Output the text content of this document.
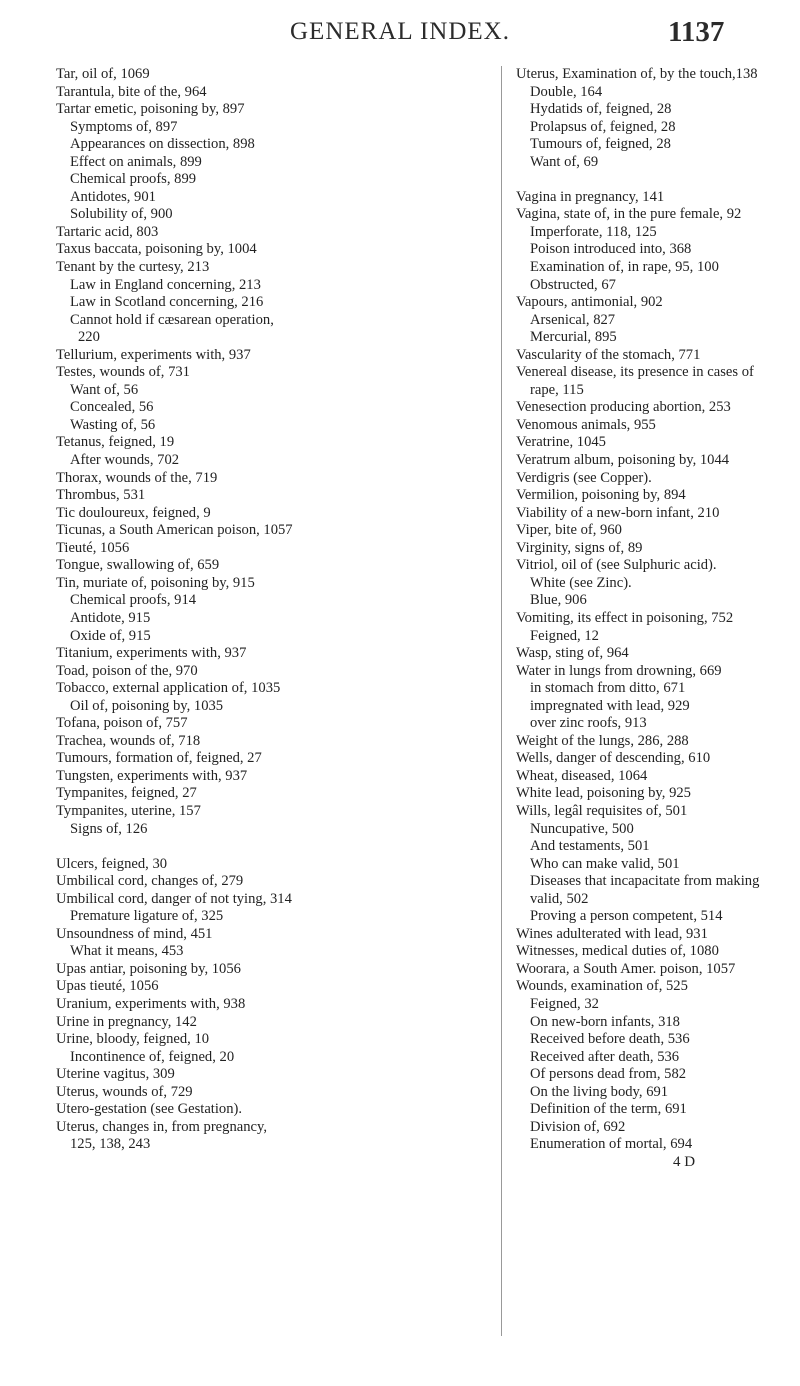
GENERAL INDEX.	1137
Tar, oil of, 1069
Tarantula, bite of the, 964
Tartar emetic, poisoning by, 897
Symptoms of, 897
Appearances on dissection, 898
Effect on animals, 899
Chemical proofs, 899
Antidotes, 901
Solubility of, 900
Tartaric acid, 803
Taxus baccata, poisoning by, 1004
Tenant by the curtesy, 213
Law in England concerning, 213
Law in Scotland concerning, 216
Cannot hold if cæsarean operation,
220
Tellurium, experiments with, 937
Testes, wounds of, 731
Want of, 56
Concealed, 56
Wasting of, 56
Tetanus, feigned, 19
After wounds, 702
Thorax, wounds of the, 719
Thrombus, 531
Tic douloureux, feigned, 9
Ticunas, a South American poison, 1057
Tieuté, 1056
Tongue, swallowing of, 659
Tin, muriate of, poisoning by, 915
Chemical proofs, 914
Antidote, 915
Oxide of, 915
Titanium, experiments with, 937
Toad, poison of the, 970
Tobacco, external application of, 1035
Oil of, poisoning by, 1035
Tofana, poison of, 757
Trachea, wounds of, 718
Tumours, formation of, feigned, 27
Tungsten, experiments with, 937
Tympanites, feigned, 27
Tympanites, uterine, 157
Signs of, 126
Ulcers, feigned, 30
Umbilical cord, changes of, 279
Umbilical cord, danger of not tying, 314
Premature ligature of, 325
Unsoundness of mind, 451
What it means, 453
Upas antiar, poisoning by, 1056
Upas tieuté, 1056
Uranium, experiments with, 938
Urine in pregnancy, 142
Urine, bloody, feigned, 10
Incontinence of, feigned, 20
Uterine vagitus, 309
Uterus, wounds of, 729
Utero-gestation (see Gestation).
Uterus, changes in, from pregnancy,
125, 138, 243
Uterus, Examination of, by the touch,138
Double, 164
Hydatids of, feigned, 28
Prolapsus of, feigned, 28
Tumours of, feigned, 28
Want of, 69
Vagina in pregnancy, 141
Vagina, state of, in the pure female, 92
Imperforate, 118, 125
Poison introduced into, 368
Examination of, in rape, 95, 100
Obstructed, 67
Vapours, antimonial, 902
Arsenical, 827
Mercurial, 895
Vascularity of the stomach, 771
Venereal disease, its presence in cases of
rape, 115
Venesection producing abortion, 253
Venomous animals, 955
Veratrine, 1045
Veratrum album, poisoning by, 1044
Verdigris (see Copper).
Vermilion, poisoning by, 894
Viability of a new-born infant, 210
Viper, bite of, 960
Virginity, signs of, 89
Vitriol, oil of (see Sulphuric acid).
White (see Zinc).
Blue, 906
Vomiting, its effect in poisoning, 752
Feigned, 12
Wasp, sting of, 964
Water in lungs from drowning, 669
in stomach from ditto, 671
impregnated with lead, 929
over zinc roofs, 913
Weight of the lungs, 286, 288
Wells, danger of descending, 610
Wheat, diseased, 1064
White lead, poisoning by, 925
Wills, legâl requisites of, 501
Nuncupative, 500
And testaments, 501
Who can make valid, 501
Diseases that incapacitate from making
valid, 502
Proving a person competent, 514
Wines adulterated with lead, 931
Witnesses, medical duties of, 1080
Woorara, a South Amer. poison, 1057
Wounds, examination of, 525
Feigned, 32
On new-born infants, 318
Received before death, 536
Received after death, 536
Of persons dead from, 582
On the living body, 691
Definition of the term, 691
Division of, 692
Enumeration of mortal, 694
4 D
